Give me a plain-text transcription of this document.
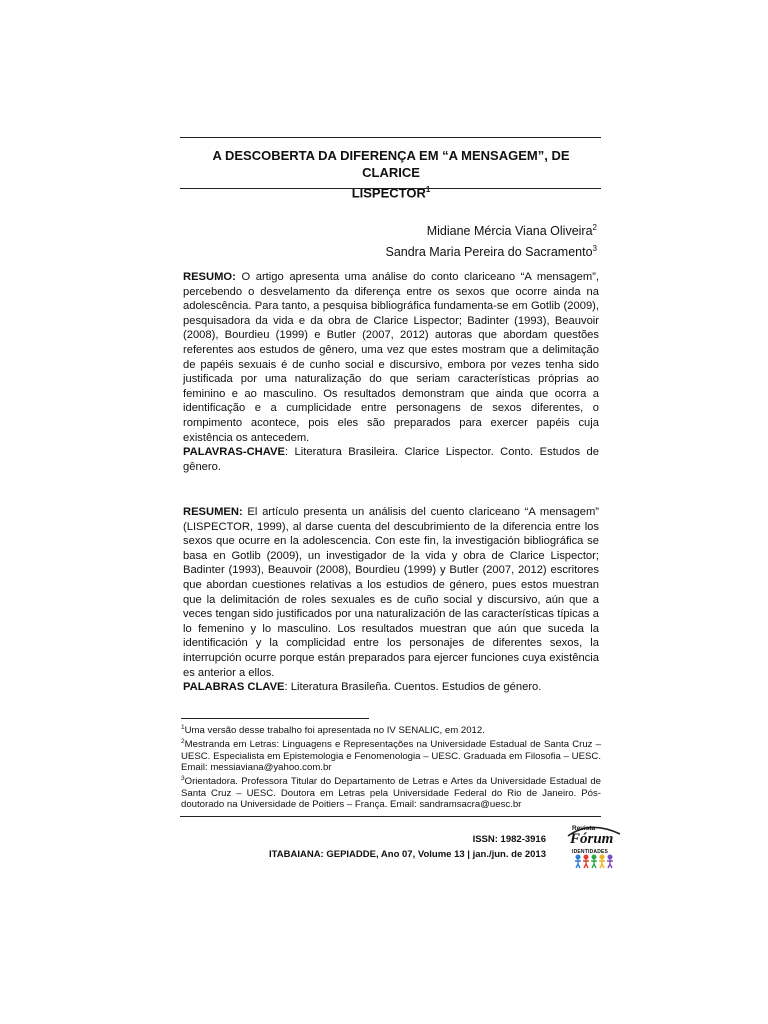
A DESCOBERTA DA DIFERENÇA EM “A MENSAGEM”, DE CLARICE
LISPECTOR$^1$
Midiane Mércia Viana Oliveira$^2$
Sandra Maria Pereira do Sacramento$^3$

RESUMO: O artigo apresenta uma análise do conto clariceano “A mensagem”, percebendo o desvelamento da diferença entre os sexos que ocorre ainda na adolescência. Para tanto, a pesquisa bibliográfica fundamenta-se em Gotlib (2009), pesquisadora da vida e da obra de Clarice Lispector; Badinter (1993), Beauvoir (2008), Bourdieu (1999) e Butler (2007, 2012) autoras que abordam questões referentes aos estudos de gênero, uma vez que estes mostram que a delimitação de papéis sexuais é de cunho social e discursivo, embora por vezes tenha sido justificada por uma naturalização do que seriam características próprias ao feminino e ao masculino. Os resultados demonstram que ainda que ocorra a identificação e a cumplicidade entre personagens de sexos diferentes, o rompimento acontece, pois eles são preparados para exercer papéis cuja existência os antecedem.

PALAVRAS-CHAVE: Literatura Brasileira. Clarice Lispector. Conto. Estudos de gênero.

RESUMEN: El artículo presenta un análisis del cuento clariceano “A mensagem” (LISPECTOR, 1999), al darse cuenta del descubrimiento de la diferencia entre los sexos que ocurre en la adolescencia. Con este fin, la investigación bibliográfica se basa en Gotlib (2009), un investigador de la vida y obra de Clarice Lispector; Badinter (1993), Beauvoir (2008), Bourdieu (1999) y Butler (2007, 2012) escritores que abordan cuestiones relativas a los estudios de género, pues estos muestran que la delimitación de roles sexuales es de cuño social y discursivo, aún que a veces tengan sido justificados por una naturalización de las características típicas a lo femenino y lo masculino. Los resultados muestran que aún que suceda la identificación y la complicidad entre los personajes de diferentes sexos, la interrupción ocurre porque están preparados para ejercer funciones cuya existência es anterior a ellos.

PALABRAS CLAVE: Literatura Brasileña. Cuentos. Estudios de género.

$^1$Uma versão desse trabalho foi apresentada no IV SENALIC, em 2012.

$^2$Mestranda em Letras: Linguagens e Representações na Universidade Estadual de Santa Cruz – UESC. Especialista em Epistemologia e Fenomenologia – UESC. Graduada em Filosofia – UESC. Email: messiaviana@yahoo.com.br

$^3$Orientadora. Professora Titular do Departamento de Letras e Artes da Universidade Estadual de Santa Cruz – UESC. Doutora em Letras pela Universidade Federal do Rio de Janeiro. Pós-doutorado na Universidade de Poitiers – França. Email: sandramsacra@uesc.br

ISSN: 1982-3916
ITABAIANA: GEPIADDE, Ano 07, Volume 13 | jan./jun. de 2013
Revista
Fórum
IDENTIDADES
